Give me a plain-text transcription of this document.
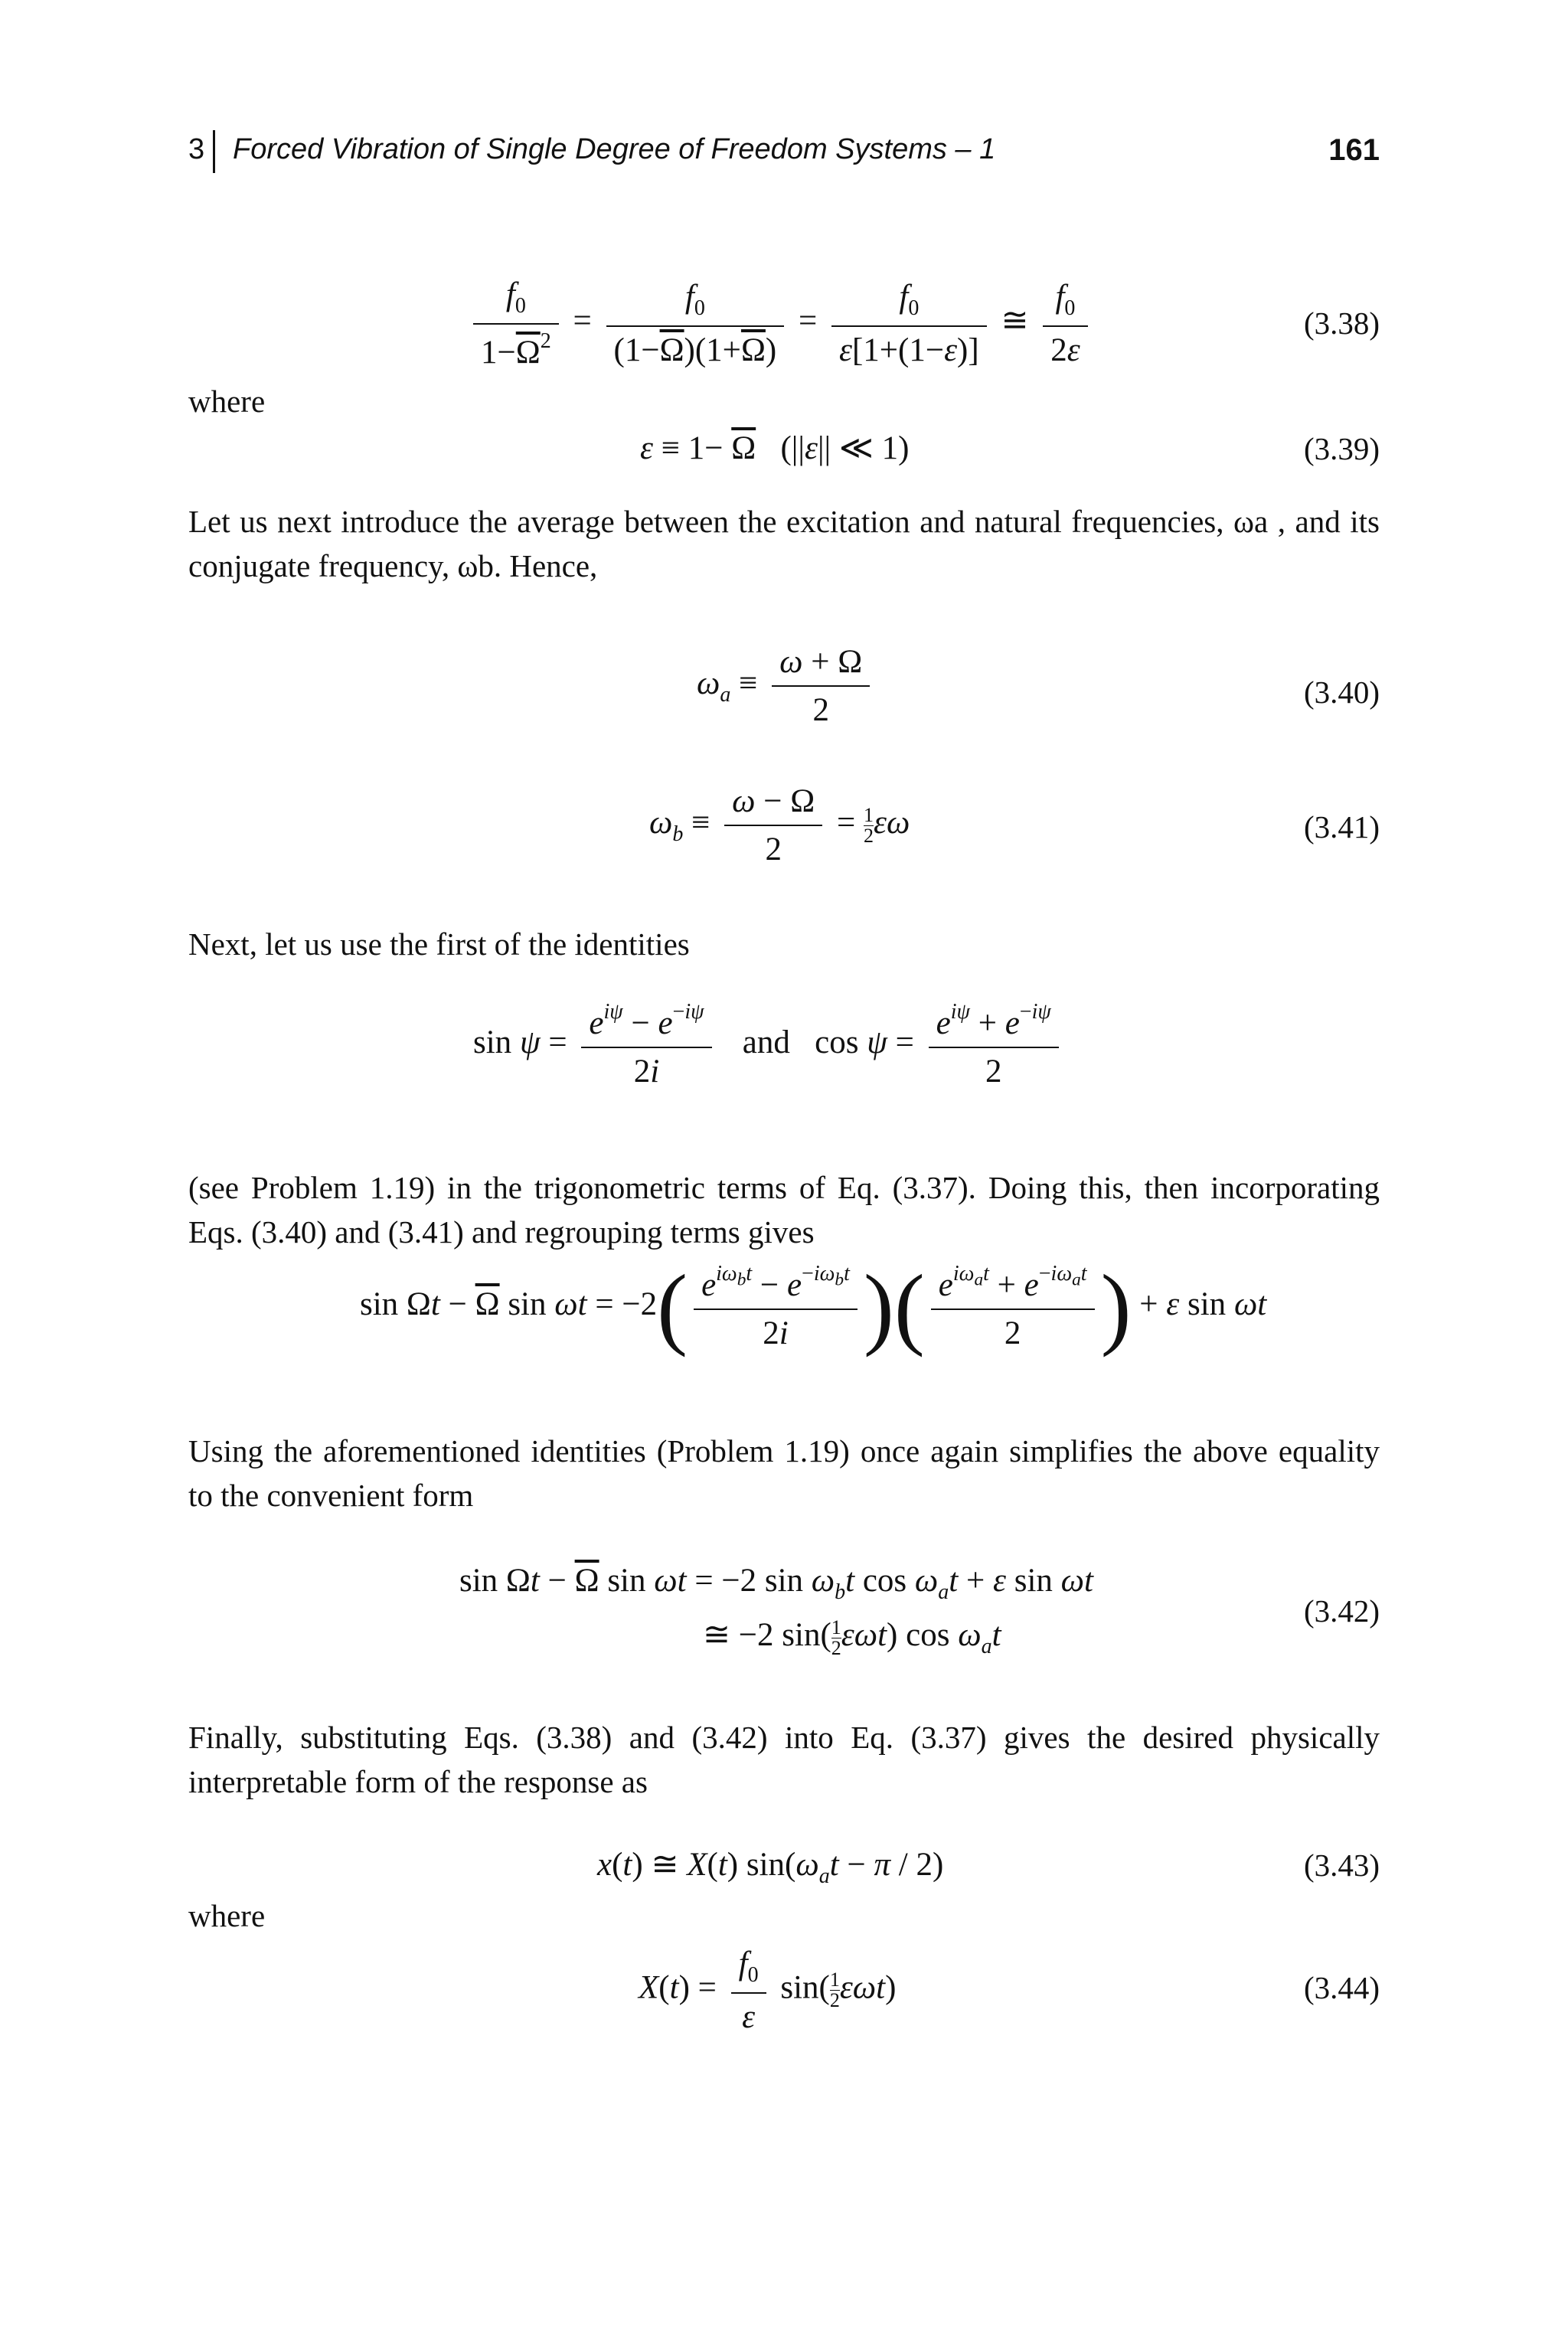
3 Forced Vibration of Single Degree of Freedom Systems – 1	161
$\frac{f_0}{1-\overline{\Omega}^2} = \frac{f_0}{(1-\overline{\Omega})(1+\overline{\Omega})} = \frac{f_0}{\varepsilon[1+(1-\varepsilon)]}$ ≅ $\frac{f_0}{2\varepsilon}$	(3.38)
where
$\varepsilon \equiv 1- \overline{\Omega}$   (||ε|| ≪ 1)	(3.39)

Let us next introduce the average between the excitation and natural frequencies, ωa , and its conjugate frequency, ωb. Hence,

$\omega_a \equiv \frac{\omega + \Omega}{2}$	(3.40)
$\omega_b \equiv \frac{\omega - \Omega}{2} = \frac{1}{2}$ εω	(3.41)

Next, let us use the first of the identities

$\sin \psi = \frac{e^{i\psi} - e^{-i\psi}}{2i}$ and   $\cos \psi = \frac{e^{i\psi} + e^{-i\psi}}{2}$

(see Problem 1.19) in the trigonometric terms of Eq. (3.37). Doing this, then incorporating Eqs. (3.40) and (3.41) and regrouping terms gives

$\sin \Omega t - \overline{\Omega}$ $\sin \omega t = -2( \frac{e^{i\omega_bt} - e^{-i\omega_bt}}{2i}$ )( $\frac{e^{i\omega_at} + e^{-i\omega_at}}{2}$ ) + ε sin ωt

Using the aforementioned identities (Problem 1.19) once again simplifies the above equality to the convenient form

$\sin \Omega t - \overline{\Omega}$ sin ωt = −2 $\sin \omega_bt$ $\cos \omega_at + \varepsilon$ sin ωt
≅ −2 $\sin( \frac{1}{2} \varepsilon\omega t)$ $\cos \omega_at$
(3.42)

Finally, substituting Eqs. (3.38) and (3.42) into Eq. (3.37) gives the desired physically interpretable form of the response as

x(t) ≅ X(t) $\sin(\omega_at - \pi / 2)$	(3.43)
where
$X(t) = \frac{f_0}{\varepsilon} \sin( \frac{1}{2} \varepsilon\omega t)$	(3.44)
